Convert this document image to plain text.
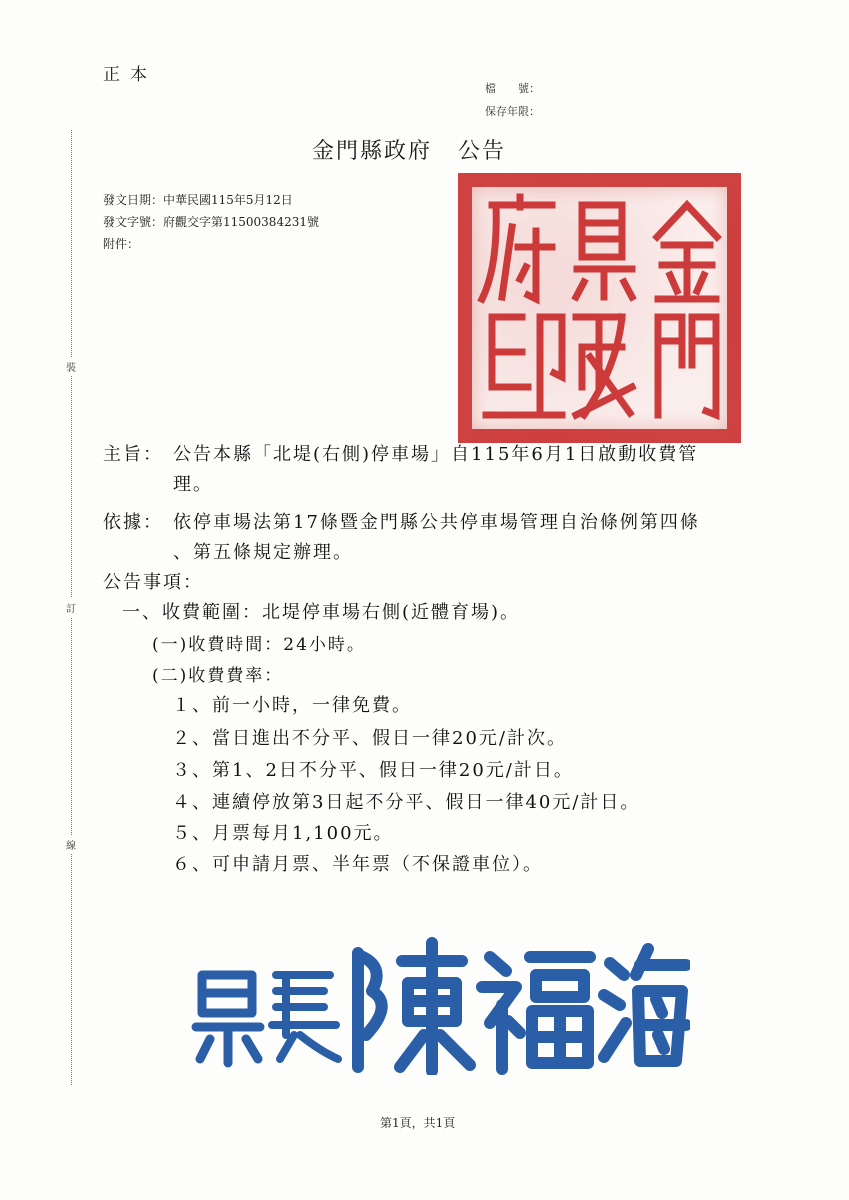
裝
訂
線
正本
檔　　號：
保存年限：
金門縣政府 公告
發文日期：中華民國115年5月12日
發文字號：府觀交字第11500384231號
附件：
主旨： 公告本縣「北堤(右側)停車場」自115年6月1日啟動收費管
理。
依據： 依停車場法第17條暨金門縣公共停車場管理自治條例第四條
、第五條規定辦理。
公告事項：
一、收費範圍：北堤停車場右側(近體育場)。
(一)收費時間：24小時。
(二)收費費率：
１、前一小時，一律免費。
２、當日進出不分平、假日一律20元/計次。
３、第1、2日不分平、假日一律20元/計日。
４、連續停放第3日起不分平、假日一律40元/計日。
５、月票每月1,100元。
６、可申請月票、半年票（不保證車位）。
第1頁，共1頁
